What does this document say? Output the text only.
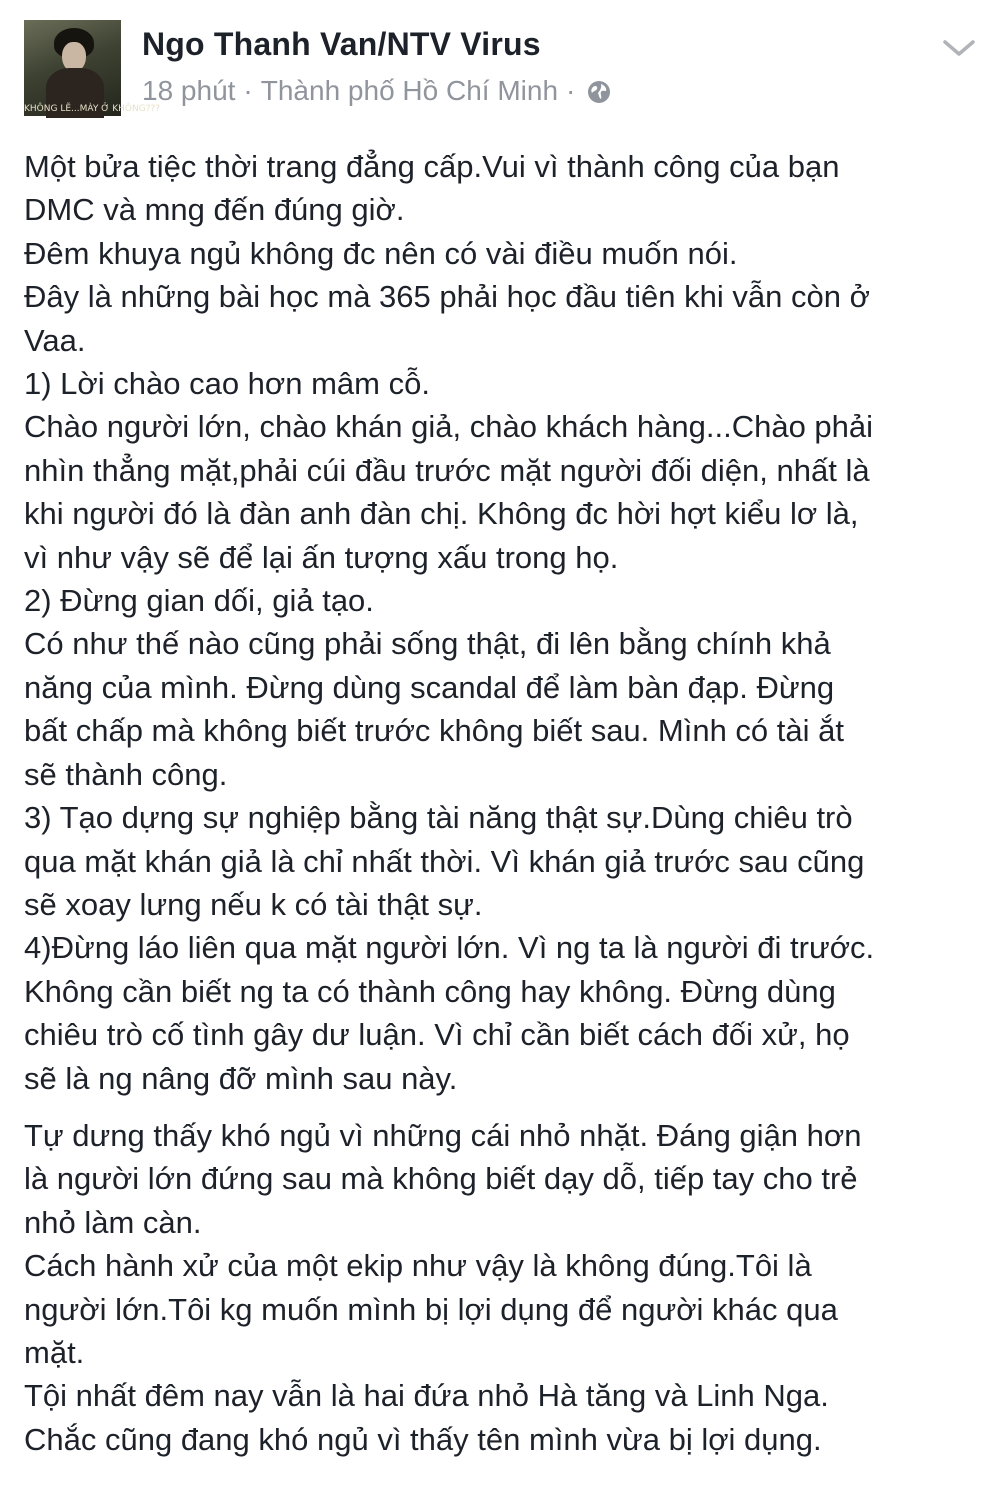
KHÔNG LẼ...MÀY Ở KHÔNG???
Ngo Thanh Van/NTV Virus
18 phút · Thành phố Hồ Chí Minh ·

Một bửa tiệc thời trang đẳng cấp.Vui vì thành công của bạn

DMC và mng đến đúng giờ.

Đêm khuya ngủ không đc nên có vài điều muốn nói.

Đây là những bài học mà 365 phải học đầu tiên khi vẫn còn ở

Vaa.

1) Lời chào cao hơn mâm cỗ.

Chào người lớn, chào khán giả, chào khách hàng...Chào phải

nhìn thẳng mặt,phải cúi đầu trước mặt người đối diện, nhất là

khi người đó là đàn anh đàn chị. Không đc hời hợt kiểu lơ là,

vì như vậy sẽ để lại ấn tượng xấu trong họ.

2) Đừng gian dối, giả tạo.

Có như thế nào cũng phải sống thật, đi lên bằng chính khả

năng của mình. Đừng dùng scandal để làm bàn đạp. Đừng

bất chấp mà không biết trước không biết sau. Mình có tài ắt

sẽ thành công.

3) Tạo dựng sự nghiệp bằng tài năng thật sự.Dùng chiêu trò

qua mặt khán giả là chỉ nhất thời. Vì khán giả trước sau cũng

sẽ xoay lưng nếu k có tài thật sự.

4)Đừng láo liên qua mặt người lớn. Vì ng ta là người đi trước.

Không cần biết ng ta có thành công hay không. Đừng dùng

chiêu trò cố tình gây dư luận. Vì chỉ cần biết cách đối xử, họ

sẽ là ng nâng đỡ mình sau này.

Tự dưng thấy khó ngủ vì những cái nhỏ nhặt. Đáng giận hơn

là người lớn đứng sau mà không biết dạy dỗ, tiếp tay cho trẻ

nhỏ làm càn.

Cách hành xử của một ekip như vậy là không đúng.Tôi là

người lớn.Tôi kg muốn mình bị lợi dụng để người khác qua

mặt.

Tội nhất đêm nay vẫn là hai đứa nhỏ Hà tăng và Linh Nga.

Chắc cũng đang khó ngủ vì thấy tên mình vừa bị lợi dụng.
